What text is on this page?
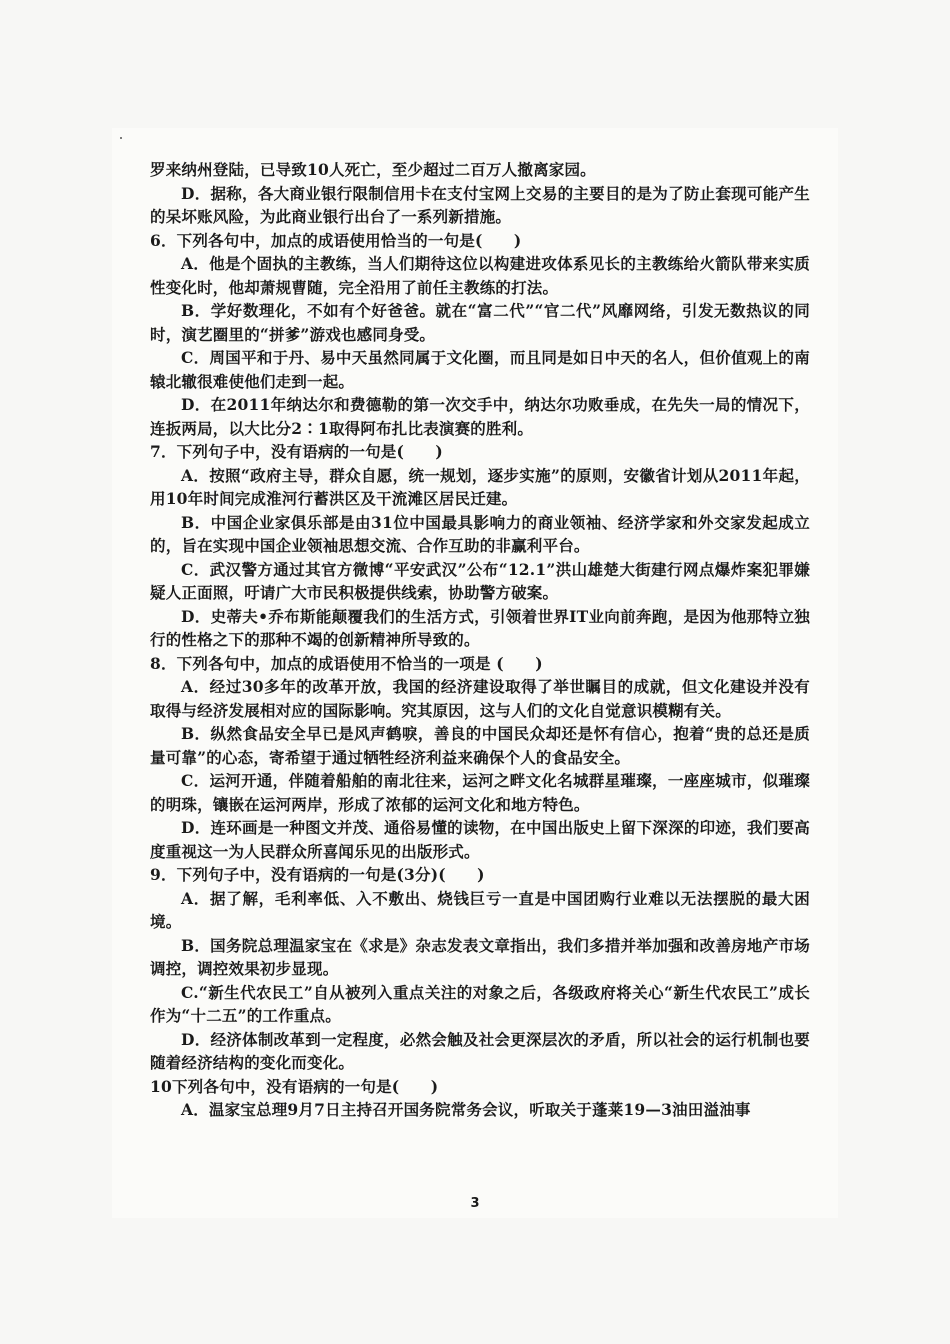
罗来纳州登陆，已导致10人死亡，至少超过二百万人撤离家园。

D．据称，各大商业银行限制信用卡在支付宝网上交易的主要目的是为了防止套现可能产生的呆坏账风险，为此商业银行出台了一系列新措施。

6．下列各句中，加点的成语使用恰当的一句是(　　)

A．他是个固执的主教练，当人们期待这位以构建进攻体系见长的主教练给火箭队带来实质性变化时，他却萧规曹随，完全沿用了前任主教练的打法。

B．学好数理化，不如有个好爸爸。就在“富二代”“官二代”风靡网络，引发无数热议的同时，演艺圈里的“拼爹”游戏也感同身受。

C．周国平和于丹、易中天虽然同属于文化圈，而且同是如日中天的名人，但价值观上的南辕北辙很难使他们走到一起。

D．在2011年纳达尔和费德勒的第一次交手中，纳达尔功败垂成，在先失一局的情况下，连扳两局，以大比分2∶1取得阿布扎比表演赛的胜利。

7．下列句子中，没有语病的一句是(　　)

A．按照“政府主导，群众自愿，统一规划，逐步实施”的原则，安徽省计划从2011年起，用10年时间完成淮河行蓄洪区及干流滩区居民迁建。

B．中国企业家俱乐部是由31位中国最具影响力的商业领袖、经济学家和外交家发起成立的，旨在实现中国企业领袖思想交流、合作互助的非赢利平台。

C．武汉警方通过其官方微博“平安武汉”公布“12.1”洪山雄楚大街建行网点爆炸案犯罪嫌疑人正面照，吁请广大市民积极提供线索，协助警方破案。

D．史蒂夫•乔布斯能颠覆我们的生活方式，引领着世界IT业向前奔跑，是因为他那特立独行的性格之下的那种不竭的创新精神所导致的。

8．下列各句中，加点的成语使用不恰当的一项是 (　　)

A．经过30多年的改革开放，我国的经济建设取得了举世瞩目的成就，但文化建设并没有取得与经济发展相对应的国际影响。究其原因，这与人们的文化自觉意识模糊有关。

B．纵然食品安全早已是风声鹤唳，善良的中国民众却还是怀有信心，抱着“贵的总还是质量可靠”的心态，寄希望于通过牺牲经济利益来确保个人的食品安全。

C．运河开通，伴随着船舶的南北往来，运河之畔文化名城群星璀璨，一座座城市，似璀璨的明珠，镶嵌在运河两岸，形成了浓郁的运河文化和地方特色。

D．连环画是一种图文并茂、通俗易懂的读物，在中国出版史上留下深深的印迹，我们要高度重视这一为人民群众所喜闻乐见的出版形式。

9．下列句子中，没有语病的一句是(3分)(　　)

A．据了解，毛利率低、入不敷出、烧钱巨亏一直是中国团购行业难以无法摆脱的最大困境。

B．国务院总理温家宝在《求是》杂志发表文章指出，我们多措并举加强和改善房地产市场调控，调控效果初步显现。

C.“新生代农民工”自从被列入重点关注的对象之后，各级政府将关心“新生代农民工”成长作为“十二五”的工作重点。

D．经济体制改革到一定程度，必然会触及社会更深层次的矛盾，所以社会的运行机制也要随着经济结构的变化而变化。

10下列各句中，没有语病的一句是(　　)

A．温家宝总理9月7日主持召开国务院常务会议，听取关于蓬莱19—3油田溢油事

3
